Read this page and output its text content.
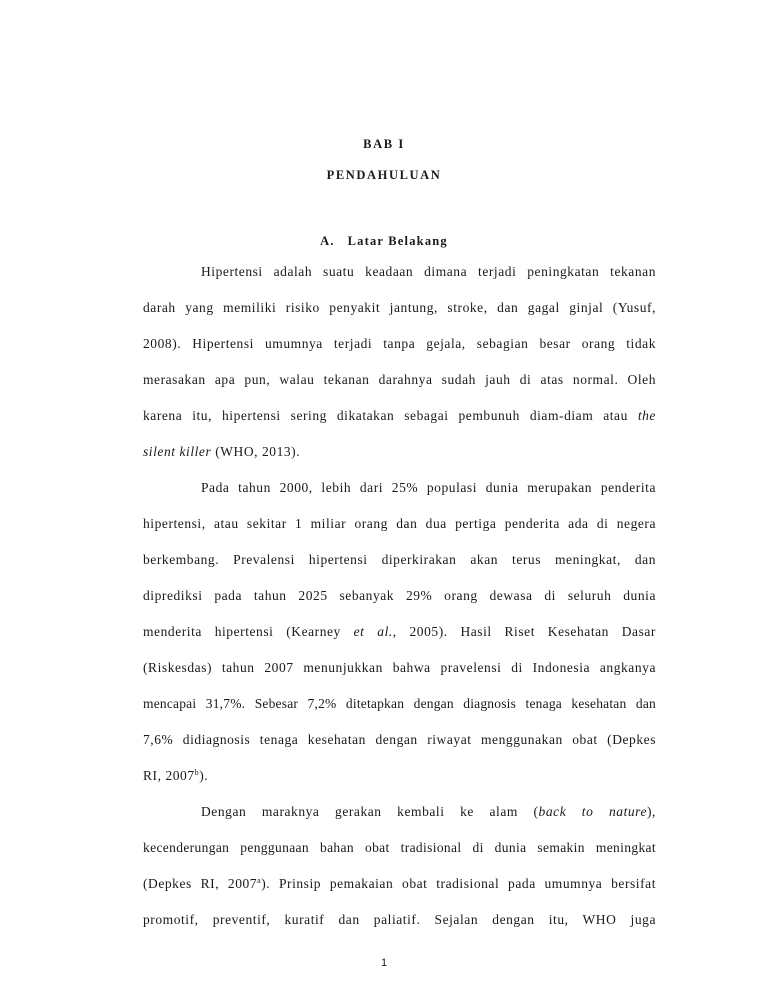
BAB I
PENDAHULUAN
A.   Latar Belakang
Hipertensi adalah suatu keadaan dimana terjadi peningkatan tekanan
darah yang memiliki risiko penyakit jantung, stroke, dan gagal ginjal (Yusuf,
2008). Hipertensi umumnya terjadi tanpa gejala, sebagian besar orang tidak
merasakan apa pun, walau tekanan darahnya sudah jauh di atas normal. Oleh
karena itu, hipertensi sering dikatakan sebagai pembunuh diam-diam atau the
silent killer (WHO, 2013).
Pada tahun 2000, lebih dari 25% populasi dunia merupakan penderita
hipertensi, atau sekitar 1 miliar orang dan dua pertiga penderita ada di negera
berkembang. Prevalensi hipertensi diperkirakan akan terus meningkat, dan
diprediksi pada tahun 2025 sebanyak 29% orang dewasa di seluruh dunia
menderita hipertensi (Kearney et al., 2005). Hasil Riset Kesehatan Dasar
(Riskesdas) tahun 2007 menunjukkan bahwa pravelensi di Indonesia angkanya
mencapai 31,7%. Sebesar 7,2% ditetapkan dengan diagnosis tenaga kesehatan dan
7,6% didiagnosis tenaga kesehatan dengan riwayat menggunakan obat (Depkes
RI, 2007$^b$).
Dengan maraknya gerakan kembali ke alam (back to nature),
kecenderungan penggunaan bahan obat tradisional di dunia semakin meningkat
(Depkes RI, 2007$^a$). Prinsip pemakaian obat tradisional pada umumnya bersifat
promotif, preventif, kuratif dan paliatif. Sejalan dengan itu, WHO juga
1
